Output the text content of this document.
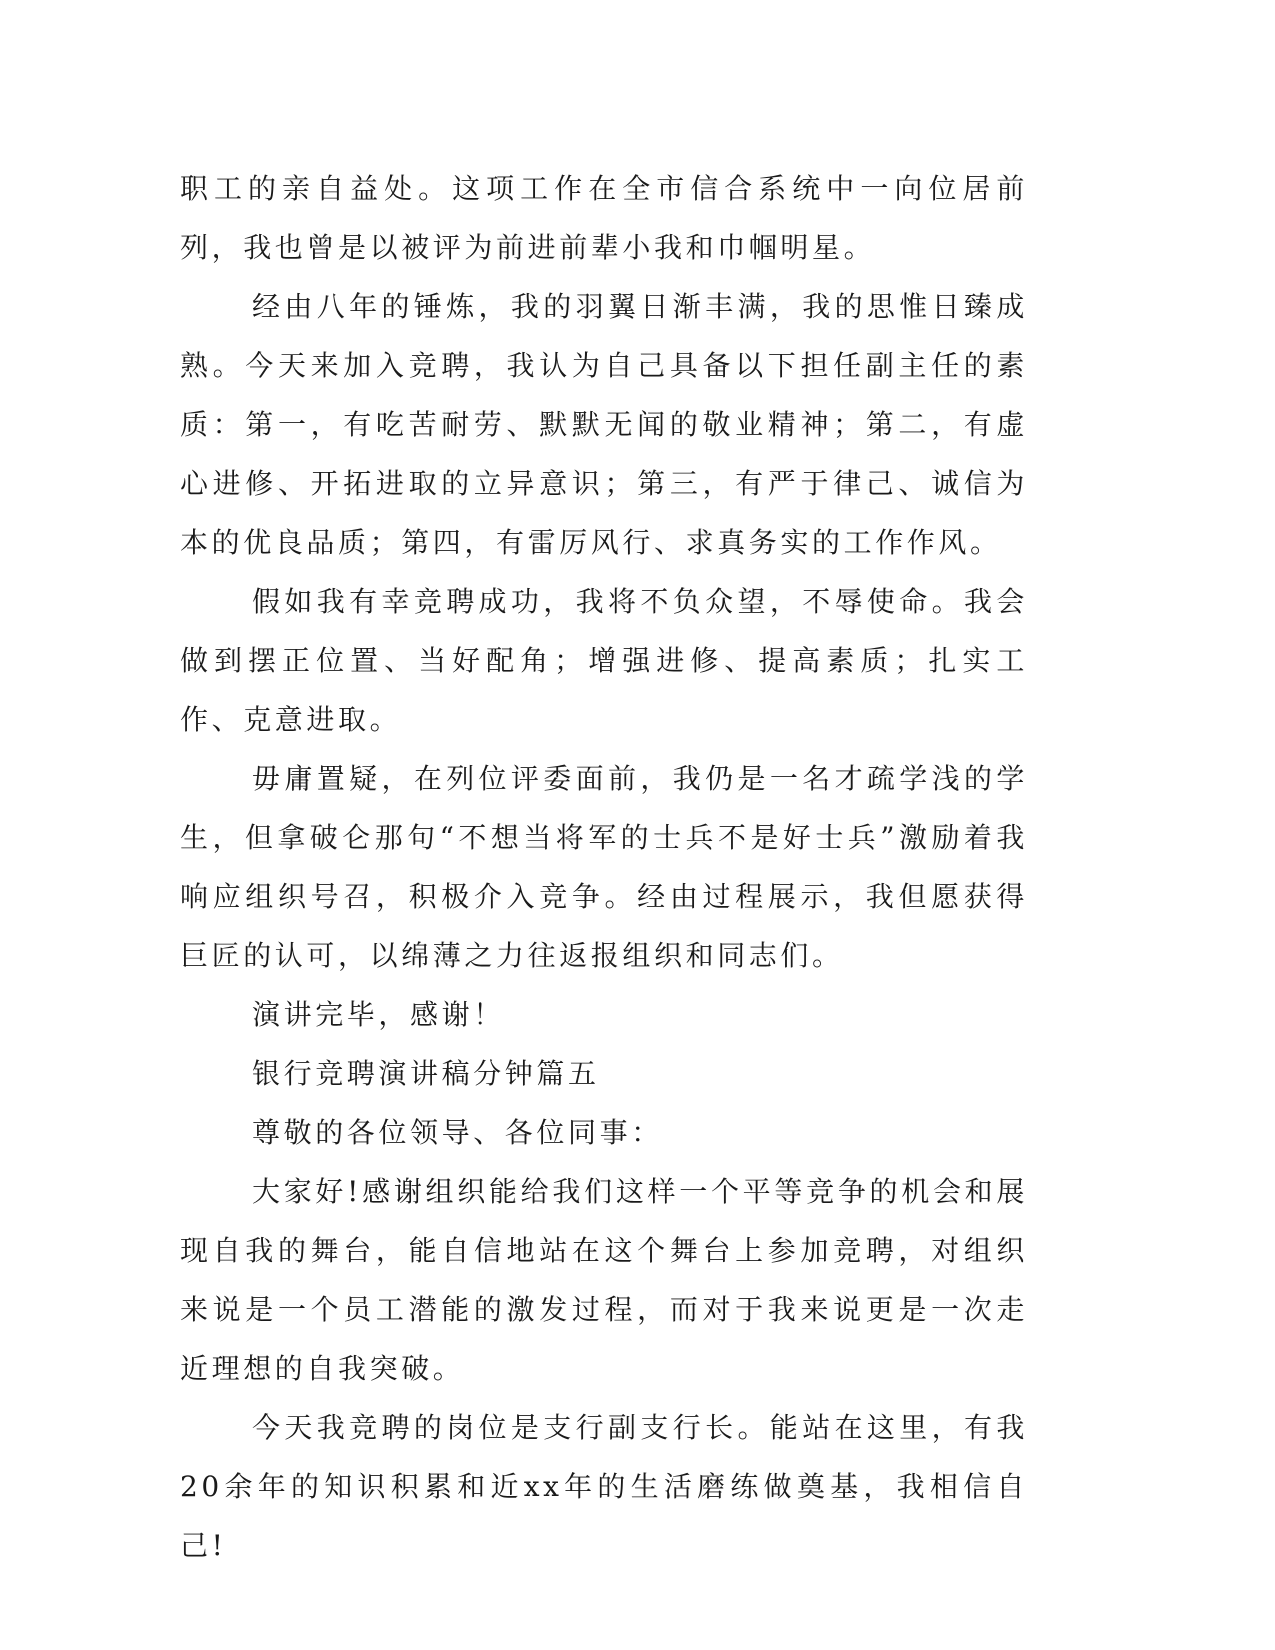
职工的亲自益处。这项工作在全市信合系统中一向位居前列，我也曾是以被评为前进前辈小我和巾帼明星。

经由八年的锤炼，我的羽翼日渐丰满，我的思惟日臻成熟。今天来加入竞聘，我认为自己具备以下担任副主任的素质：第一，有吃苦耐劳、默默无闻的敬业精神；第二，有虚心进修、开拓进取的立异意识；第三，有严于律己、诚信为本的优良品质；第四，有雷厉风行、求真务实的工作作风。

假如我有幸竞聘成功，我将不负众望，不辱使命。我会做到摆正位置、当好配角；增强进修、提高素质；扎实工作、克意进取。

毋庸置疑，在列位评委面前，我仍是一名才疏学浅的学生，但拿破仑那句“不想当将军的士兵不是好士兵”激励着我响应组织号召，积极介入竞争。经由过程展示，我但愿获得巨匠的认可，以绵薄之力往返报组织和同志们。

演讲完毕，感谢！

银行竞聘演讲稿分钟篇五

尊敬的各位领导、各位同事：

大家好!感谢组织能给我们这样一个平等竞争的机会和展现自我的舞台，能自信地站在这个舞台上参加竞聘，对组织来说是一个员工潜能的激发过程，而对于我来说更是一次走近理想的自我突破。

今天我竞聘的岗位是支行副支行长。能站在这里，有我20余年的知识积累和近xx年的生活磨练做奠基，我相信自己!
